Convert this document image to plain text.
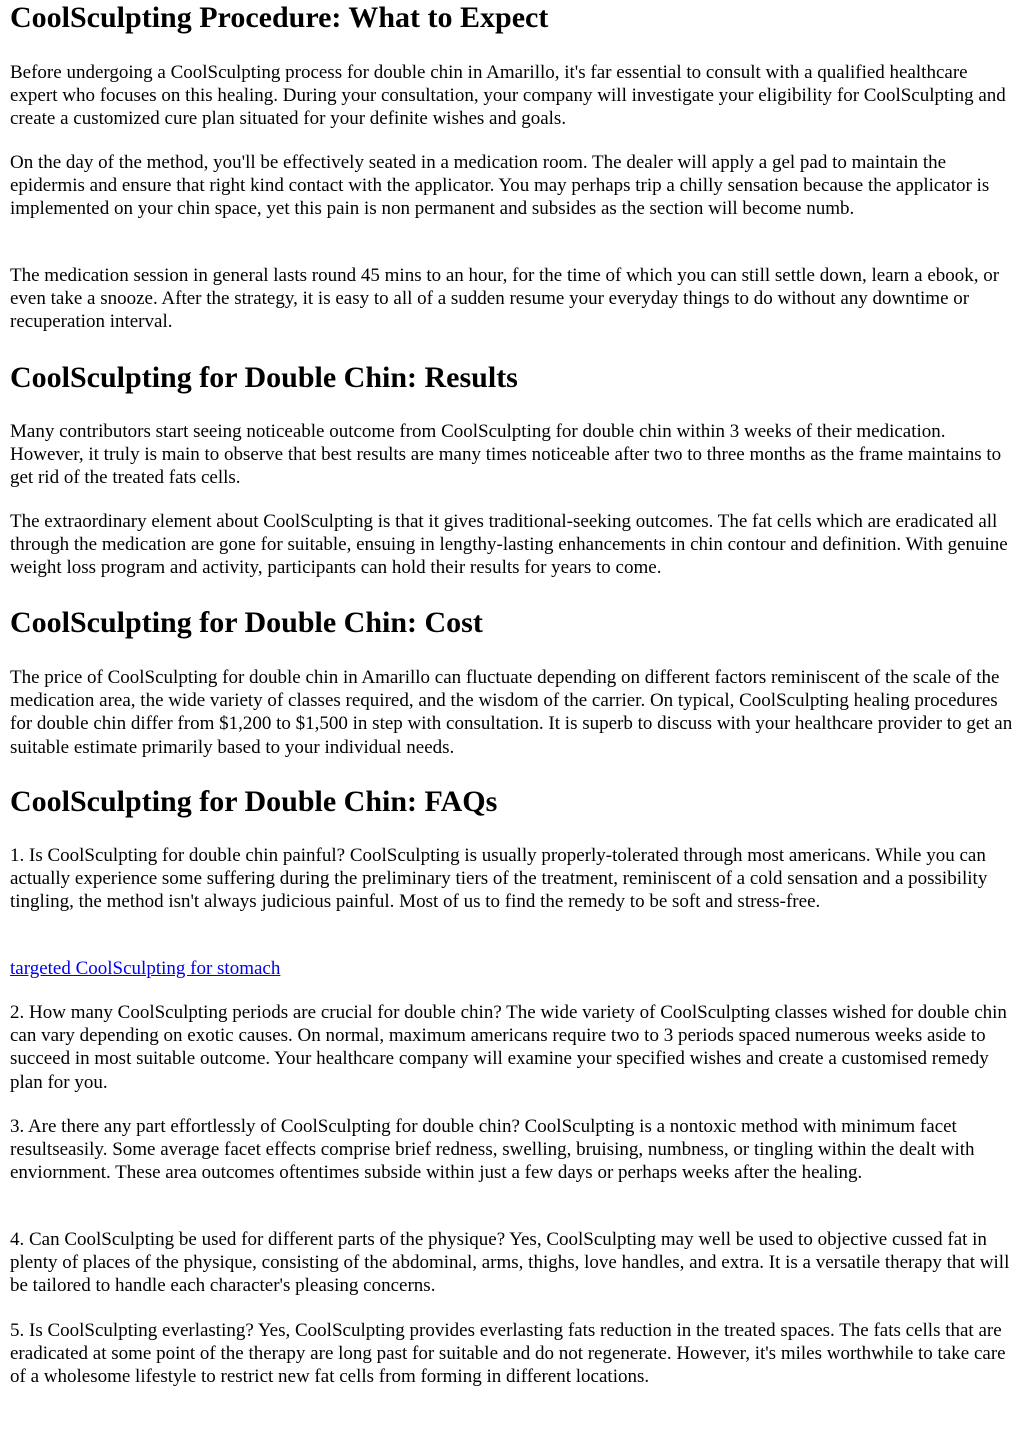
CoolSculpting Procedure: What to Expect

Before undergoing a CoolSculpting process for double chin in Amarillo, it's far essential to consult with a qualified healthcare expert who focuses on this healing. During your consultation, your company will investigate your eligibility for CoolSculpting and create a customized cure plan situated for your definite wishes and goals.

On the day of the method, you'll be effectively seated in a medication room. The dealer will apply a gel pad to maintain the epidermis and ensure that right kind contact with the applicator. You may perhaps trip a chilly sensation because the applicator is implemented on your chin space, yet this pain is non permanent and subsides as the section will become numb.

The medication session in general lasts round 45 mins to an hour, for the time of which you can still settle down, learn a ebook, or even take a snooze. After the strategy, it is easy to all of a sudden resume your everyday things to do without any downtime or recuperation interval.

CoolSculpting for Double Chin: Results

Many contributors start seeing noticeable outcome from CoolSculpting for double chin within 3 weeks of their medication. However, it truly is main to observe that best results are many times noticeable after two to three months as the frame maintains to get rid of the treated fats cells.

The extraordinary element about CoolSculpting is that it gives traditional-seeking outcomes. The fat cells which are eradicated all through the medication are gone for suitable, ensuing in lengthy-lasting enhancements in chin contour and definition. With genuine weight loss program and activity, participants can hold their results for years to come.

CoolSculpting for Double Chin: Cost

The price of CoolSculpting for double chin in Amarillo can fluctuate depending on different factors reminiscent of the scale of the medication area, the wide variety of classes required, and the wisdom of the carrier. On typical, CoolSculpting healing procedures for double chin differ from $1,200 to $1,500 in step with consultation. It is superb to discuss with your healthcare provider to get an suitable estimate primarily based to your individual needs.

CoolSculpting for Double Chin: FAQs

1. Is CoolSculpting for double chin painful? CoolSculpting is usually properly-tolerated through most americans. While you can actually experience some suffering during the preliminary tiers of the treatment, reminiscent of a cold sensation and a possibility tingling, the method isn't always judicious painful. Most of us to find the remedy to be soft and stress-free.

targeted CoolSculpting for stomach

2. How many CoolSculpting periods are crucial for double chin? The wide variety of CoolSculpting classes wished for double chin can vary depending on exotic causes. On normal, maximum americans require two to 3 periods spaced numerous weeks aside to succeed in most suitable outcome. Your healthcare company will examine your specified wishes and create a customised remedy plan for you.

3. Are there any part effortlessly of CoolSculpting for double chin? CoolSculpting is a nontoxic method with minimum facet resultseasily. Some average facet effects comprise brief redness, swelling, bruising, numbness, or tingling within the dealt with enviornment. These area outcomes oftentimes subside within just a few days or perhaps weeks after the healing.

4. Can CoolSculpting be used for different parts of the physique? Yes, CoolSculpting may well be used to objective cussed fat in plenty of places of the physique, consisting of the abdominal, arms, thighs, love handles, and extra. It is a versatile therapy that will be tailored to handle each character's pleasing concerns.

5. Is CoolSculpting everlasting? Yes, CoolSculpting provides everlasting fats reduction in the treated spaces. The fats cells that are eradicated at some point of the therapy are long past for suitable and do not regenerate. However, it's miles worthwhile to take care of a wholesome lifestyle to restrict new fat cells from forming in different locations.
